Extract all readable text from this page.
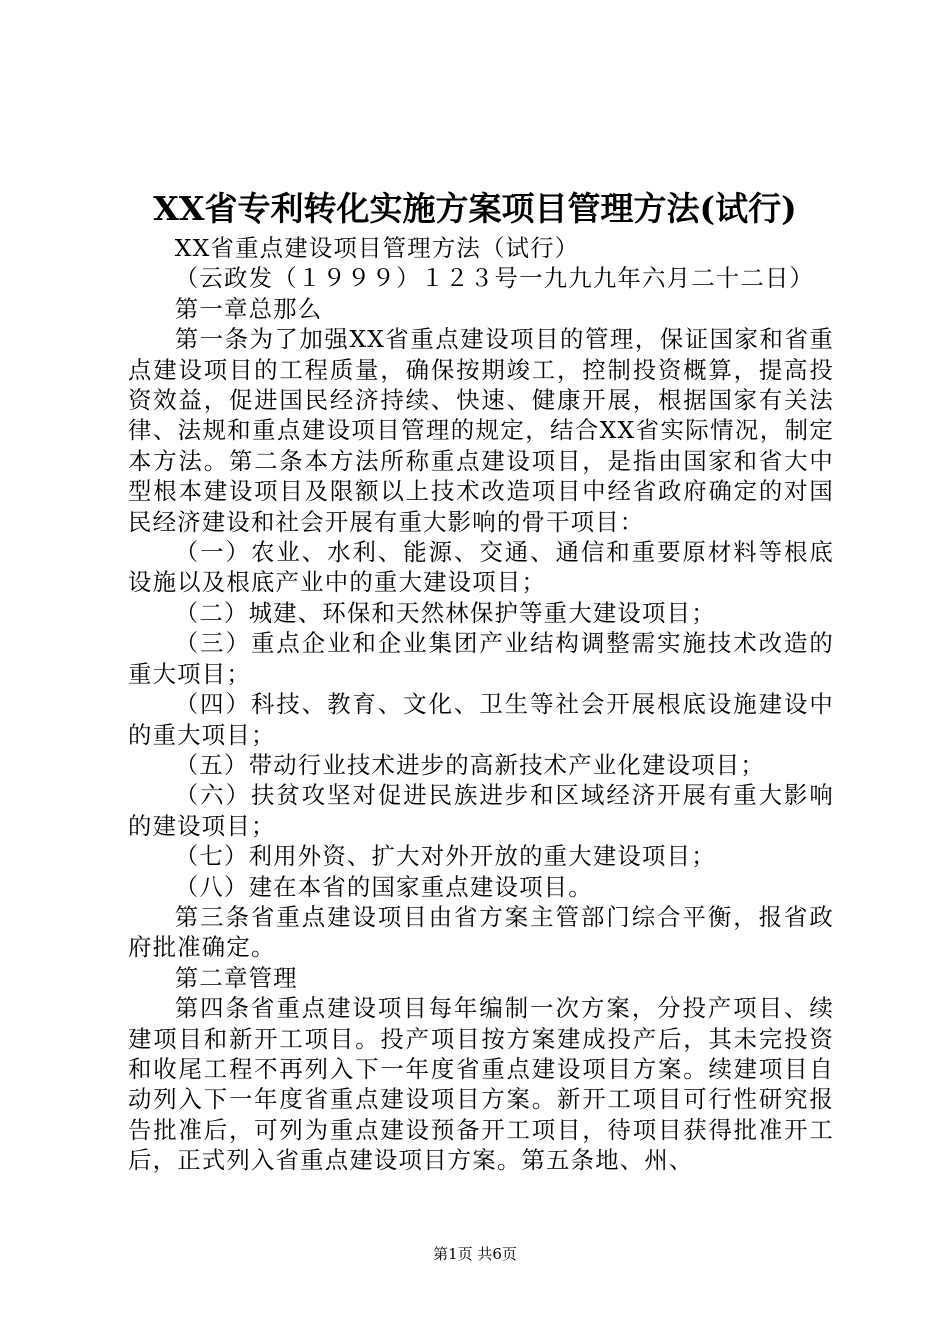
XX省专利转化实施方案项目管理方法(试行)

XX省重点建设项目管理方法（试行）

（云政发（１９９９）１２３号一九九九年六月二十二日）

第一章总那么

第一条为了加强XX省重点建设项目的管理，保证国家和省重点建设项目的工程质量，确保按期竣工，控制投资概算，提高投资效益，促进国民经济持续、快速、健康开展，根据国家有关法律、法规和重点建设项目管理的规定，结合XX省实际情况，制定本方法。第二条本方法所称重点建设项目，是指由国家和省大中型根本建设项目及限额以上技术改造项目中经省政府确定的对国民经济建设和社会开展有重大影响的骨干项目：

（一）农业、水利、能源、交通、通信和重要原材料等根底设施以及根底产业中的重大建设项目；

（二）城建、环保和天然林保护等重大建设项目；

（三）重点企业和企业集团产业结构调整需实施技术改造的重大项目；

（四）科技、教育、文化、卫生等社会开展根底设施建设中的重大项目；

（五）带动行业技术进步的高新技术产业化建设项目；

（六）扶贫攻坚对促进民族进步和区域经济开展有重大影响的建设项目；

（七）利用外资、扩大对外开放的重大建设项目；

（八）建在本省的国家重点建设项目。

第三条省重点建设项目由省方案主管部门综合平衡，报省政府批准确定。

第二章管理

第四条省重点建设项目每年编制一次方案，分投产项目、续建项目和新开工项目。投产项目按方案建成投产后，其未完投资和收尾工程不再列入下一年度省重点建设项目方案。续建项目自动列入下一年度省重点建设项目方案。新开工项目可行性研究报告批准后，可列为重点建设预备开工项目，待项目获得批准开工后，正式列入省重点建设项目方案。第五条地、州、

第1页 共6页
